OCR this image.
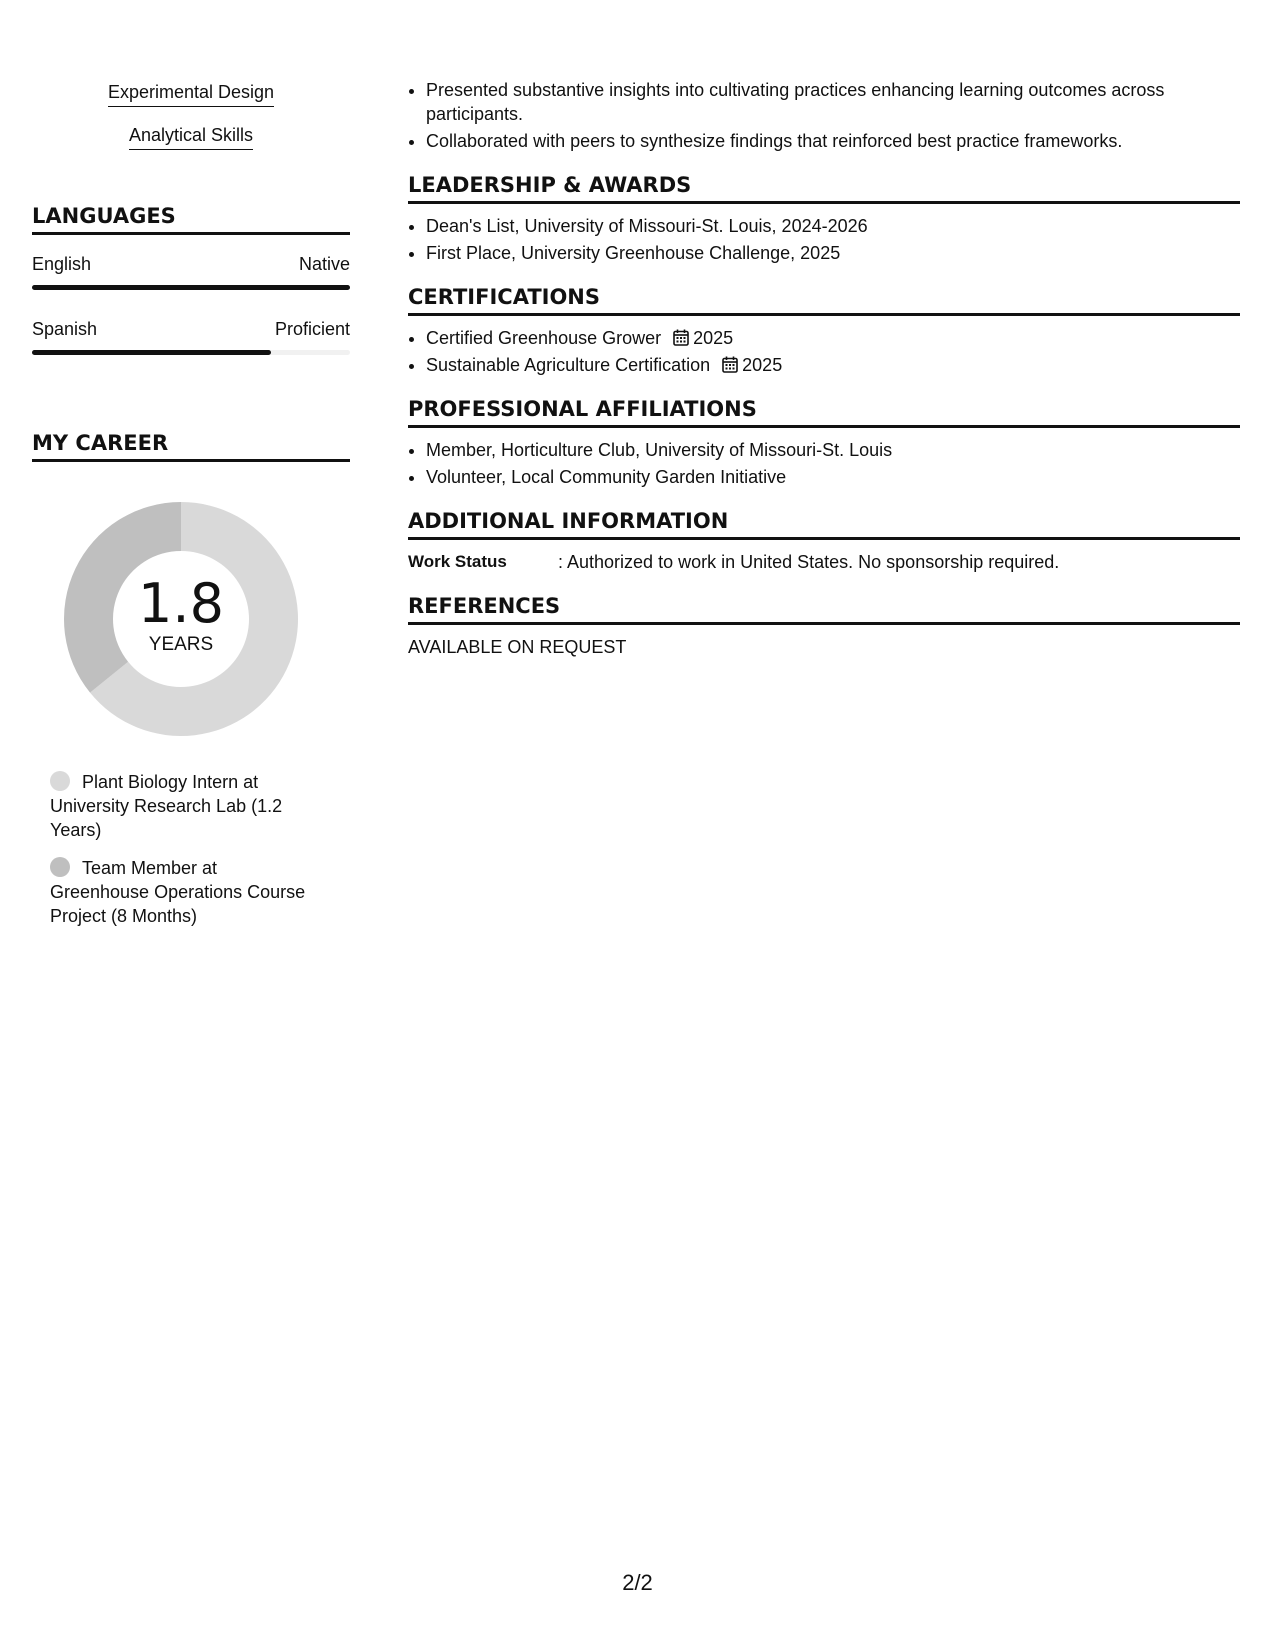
Experimental Design
Analytical Skills
LANGUAGES
English	Native
Spanish	Proficient
MY CAREER
1.8
YEARS
Plant Biology Intern at University Research Lab (1.2 Years)
Team Member at Greenhouse Operations Course Project (8 Months)
• Presented substantive insights into cultivating practices enhancing learning outcomes across participants.
• Collaborated with peers to synthesize findings that reinforced best practice frameworks.
LEADERSHIP & AWARDS
• Dean's List, University of Missouri-St. Louis, 2024-2026
• First Place, University Greenhouse Challenge, 2025
CERTIFICATIONS
• Certified Greenhouse Grower 2025
• Sustainable Agriculture Certification 2025
PROFESSIONAL AFFILIATIONS
• Member, Horticulture Club, University of Missouri-St. Louis
• Volunteer, Local Community Garden Initiative
ADDITIONAL INFORMATION
Work Status	: Authorized to work in United States. No sponsorship required.
REFERENCES
AVAILABLE ON REQUEST
2/2
